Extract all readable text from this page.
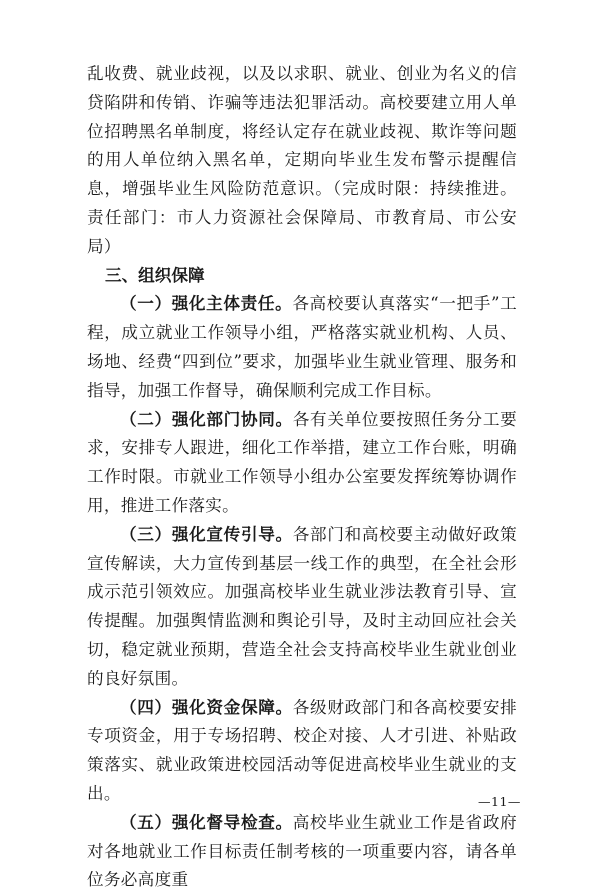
乱收费、就业歧视，以及以求职、就业、创业为名义的信贷陷阱和传销、诈骗等违法犯罪活动。高校要建立用人单位招聘黑名单制度，将经认定存在就业歧视、欺诈等问题的用人单位纳入黑名单，定期向毕业生发布警示提醒信息，增强毕业生风险防范意识。（完成时限：持续推进。责任部门：市人力资源社会保障局、市教育局、市公安局）

三、组织保障

（一）强化主体责任。各高校要认真落实“一把手”工程，成立就业工作领导小组，严格落实就业机构、人员、场地、经费“四到位”要求，加强毕业生就业管理、服务和指导，加强工作督导，确保顺利完成工作目标。

（二）强化部门协同。各有关单位要按照任务分工要求，安排专人跟进，细化工作举措，建立工作台账，明确工作时限。市就业工作领导小组办公室要发挥统筹协调作用，推进工作落实。

（三）强化宣传引导。各部门和高校要主动做好政策宣传解读，大力宣传到基层一线工作的典型，在全社会形成示范引领效应。加强高校毕业生就业涉法教育引导、宣传提醒。加强舆情监测和舆论引导，及时主动回应社会关切，稳定就业预期，营造全社会支持高校毕业生就业创业的良好氛围。

（四）强化资金保障。各级财政部门和各高校要安排专项资金，用于专场招聘、校企对接、人才引进、补贴政策落实、就业政策进校园活动等促进高校毕业生就业的支出。

（五）强化督导检查。高校毕业生就业工作是省政府对各地就业工作目标责任制考核的一项重要内容，请各单位务必高度重

—11—
